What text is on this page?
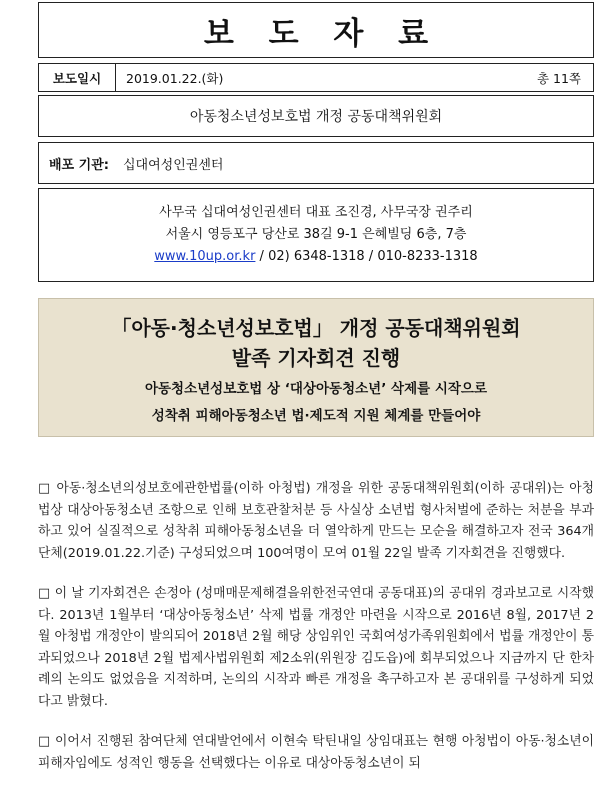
보 도 자 료
보도일시	2019.01.22.(화)	총 11쪽
아동청소년성보호법 개정 공동대책위원회
배포 기관:	십대여성인권센터
사무국 십대여성인권센터 대표 조진경, 사무국장 권주리
서울시 영등포구 당산로 38길 9-1 은혜빌딩 6층, 7층
www.10up.or.kr / 02) 6348-1318 / 010-8233-1318
「아동·청소년성보호법」 개정 공동대책위원회
발족 기자회견 진행
아동청소년성보호법 상 ‘대상아동청소년’ 삭제를 시작으로
성착취 피해아동청소년 법·제도적 지원 체계를 만들어야

□ 아동·청소년의성보호에관한법률(이하 아청법) 개정을 위한 공동대책위원회(이하 공대위)는 아청법상 대상아동청소년 조항으로 인해 보호관찰처분 등 사실상 소년법 형사처벌에 준하는 처분을 부과하고 있어 실질적으로 성착취 피해아동청소년을 더 열악하게 만드는 모순을 해결하고자 전국 364개 단체(2019.01.22.기준) 구성되었으며 100여명이 모여 01월 22일 발족 기자회견을 진행했다.

□ 이 날 기자회견은 손정아 (성매매문제해결을위한전국연대 공동대표)의 공대위 경과보고로 시작했다. 2013년 1월부터 ‘대상아동청소년’ 삭제 법률 개정안 마련을 시작으로 2016년 8월, 2017년 2월 아청법 개정안이 발의되어 2018년 2월 해당 상임위인 국회여성가족위원회에서 법률 개정안이 통과되었으나 2018년 2월 법제사법위원회 제2소위(위원장 김도읍)에 회부되었으나 지금까지 단 한차례의 논의도 없었음을 지적하며, 논의의 시작과 빠른 개정을 촉구하고자 본 공대위를 구성하게 되었다고 밝혔다.

□ 이어서 진행된 참여단체 연대발언에서 이현숙 탁틴내일 상임대표는 현행 아청법이 아동·청소년이 피해자임에도 성적인 행동을 선택했다는 이유로 대상아동청소년이 되
